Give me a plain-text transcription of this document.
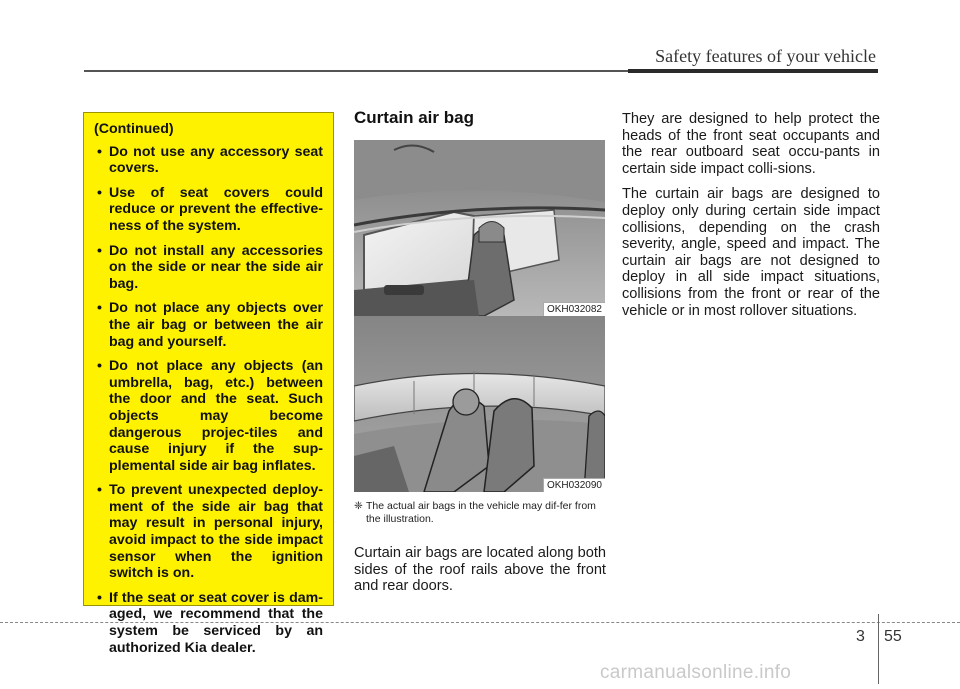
Safety features of your vehicle
(Continued)
• Do not use any accessory seat covers.
• Use of seat covers could reduce or prevent the effective-ness of the system.
• Do not install any accessories on the side or near the side air bag.
• Do not place any objects over the air bag or between the air bag and yourself.
• Do not place any objects (an umbrella, bag, etc.) between the door and the seat. Such objects may become dangerous projec-tiles and cause injury if the sup-plemental side air bag inflates.
• To prevent unexpected deploy-ment of the side air bag that may result in personal injury, avoid impact to the side impact sensor when the ignition switch is on.
• If the seat or seat cover is dam-aged, we recommend that the system be serviced by an authorized Kia dealer.
Curtain air bag
OKH032082
OKH032090
❈ The actual air bags in the vehicle may dif-fer from the illustration.

Curtain air bags are located along both sides of the roof rails above the front and rear doors.

They are designed to help protect the heads of the front seat occupants and the rear outboard seat occu-pants in certain side impact colli-sions.

The curtain air bags are designed to deploy only during certain side impact collisions, depending on the crash severity, angle, speed and impact. The curtain air bags are not designed to deploy in all side impact situations, collisions from the front or rear of the vehicle or in most rollover situations.

3 55
carmanualsonline.info
